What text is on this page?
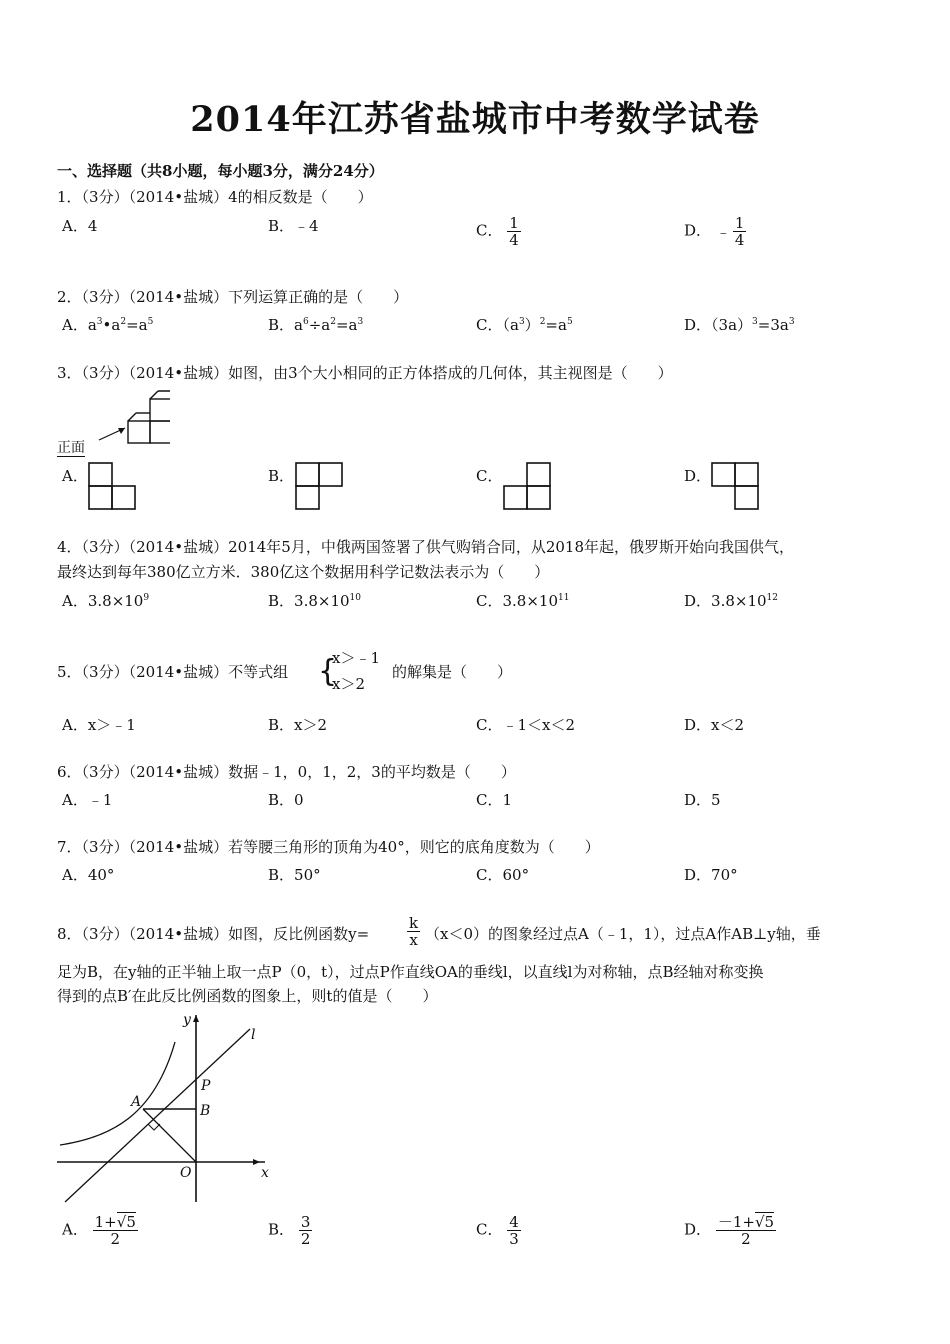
2014年江苏省盐城市中考数学试卷
一、选择题（共8小题，每小题3分，满分24分）
1．（3分）（2014•盐城）4的相反数是（　　）
A．4	B．﹣4	C． $\frac{1}{4}$	D． ﹣ $\frac{1}{4}$
2．（3分）（2014•盐城）下列运算正确的是（　　）
A．$a^3•a^2=a^5$	B．$a^6\div a^2=a^3$	C．$(a^3)^2=a^5$	D．$(3a)^3=3a^3$
3．（3分）（2014•盐城）如图，由3个大小相同的正方体搭成的几何体，其主视图是（　　）
正面
A．	B．	C．	D．
4．（3分）（2014•盐城）2014年5月，中俄两国签署了供气购销合同，从2018年起，俄罗斯开始向我国供气，
最终达到每年380亿立方米．380亿这个数据用科学记数法表示为（　　）
A．$3.8\times 10^9$	B．$3.8\times 10^{10}$	C．$3.8\times 10^{11}$	D．$3.8\times 10^{12}$
5．（3分）（2014•盐城）不等式组 {
x＞﹣1
x＞2
的解集是（　　）
A．x＞﹣1	B．x＞2	C．﹣1＜x＜2	D．x＜2
6．（3分）（2014•盐城）数据﹣1，0，1，2，3的平均数是（　　）
A．﹣1	B．0	C．1	D．5
7．（3分）（2014•盐城）若等腰三角形的顶角为40°，则它的底角度数为（　　）
A．40°	B．50°	C．60°	D．70°
8．（3分）（2014•盐城）如图，反比例函数y=	$\frac{k}{x} (x<0)$的图象经过点A（﹣1，1），过点A作AB⊥y轴，垂
足为B，在y轴的正半轴上取一点P（0，t），过点P作直线OA的垂线l，以直线l为对称轴，点B经轴对称变换
得到的点B′在此反比例函数的图象上，则t的值是（　　）
y
x
l
P
A
B
O
A． $\frac{1+√5}{2}$	B． $\frac{3}{2}$	C． $\frac{4}{3}$	D． $\frac{-1+√5}{2}$
